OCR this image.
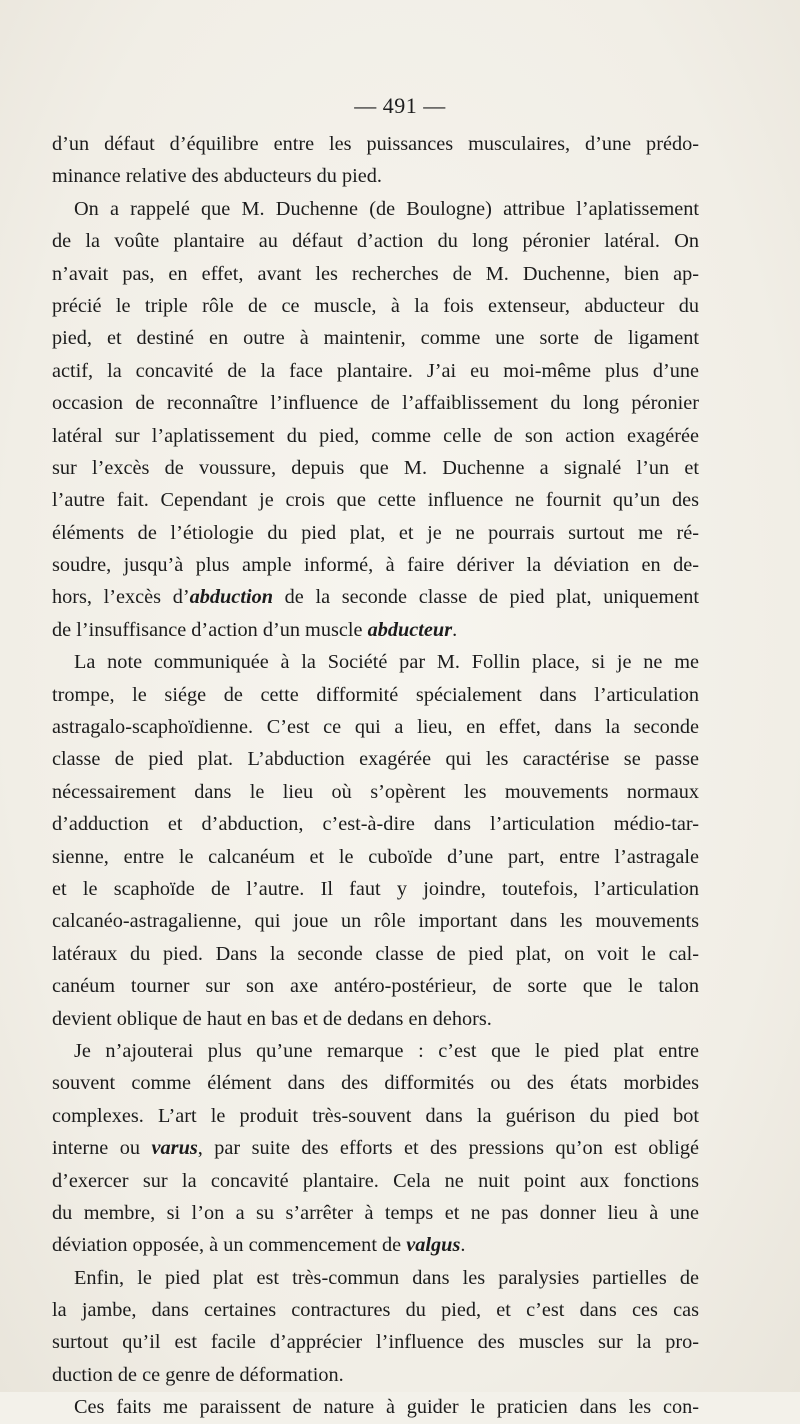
— 491 —
d’un défaut d’équilibre entre les puissances musculaires, d’une prédo-
minance relative des abducteurs du pied.
On a rappelé que M. Duchenne (de Boulogne) attribue l’aplatissement
de la voûte plantaire au défaut d’action du long péronier latéral. On
n’avait pas, en effet, avant les recherches de M. Duchenne, bien ap-
précié le triple rôle de ce muscle, à la fois extenseur, abducteur du
pied, et destiné en outre à maintenir, comme une sorte de ligament
actif, la concavité de la face plantaire. J’ai eu moi-même plus d’une
occasion de reconnaître l’influence de l’affaiblissement du long péronier
latéral sur l’aplatissement du pied, comme celle de son action exagérée
sur l’excès de voussure, depuis que M. Duchenne a signalé l’un et
l’autre fait. Cependant je crois que cette influence ne fournit qu’un des
éléments de l’étiologie du pied plat, et je ne pourrais surtout me ré-
soudre, jusqu’à plus ample informé, à faire dériver la déviation en de-
hors, l’excès d’abduction de la seconde classe de pied plat, uniquement
de l’insuffisance d’action d’un muscle abducteur.
La note communiquée à la Société par M. Follin place, si je ne me
trompe, le siége de cette difformité spécialement dans l’articulation
astragalo-scaphoïdienne. C’est ce qui a lieu, en effet, dans la seconde
classe de pied plat. L’abduction exagérée qui les caractérise se passe
nécessairement dans le lieu où s’opèrent les mouvements normaux
d’adduction et d’abduction, c’est-à-dire dans l’articulation médio-tar-
sienne, entre le calcanéum et le cuboïde d’une part, entre l’astragale
et le scaphoïde de l’autre. Il faut y joindre, toutefois, l’articulation
calcanéo-astragalienne, qui joue un rôle important dans les mouvements
latéraux du pied. Dans la seconde classe de pied plat, on voit le cal-
canéum tourner sur son axe antéro-postérieur, de sorte que le talon
devient oblique de haut en bas et de dedans en dehors.
Je n’ajouterai plus qu’une remarque : c’est que le pied plat entre
souvent comme élément dans des difformités ou des états morbides
complexes. L’art le produit très-souvent dans la guérison du pied bot
interne ou varus, par suite des efforts et des pressions qu’on est obligé
d’exercer sur la concavité plantaire. Cela ne nuit point aux fonctions
du membre, si l’on a su s’arrêter à temps et ne pas donner lieu à une
déviation opposée, à un commencement de valgus.
Enfin, le pied plat est très-commun dans les paralysies partielles de
la jambe, dans certaines contractures du pied, et c’est dans ces cas
surtout qu’il est facile d’apprécier l’influence des muscles sur la pro-
duction de ce genre de déformation.
Ces faits me paraissent de nature à guider le praticien dans les con-
